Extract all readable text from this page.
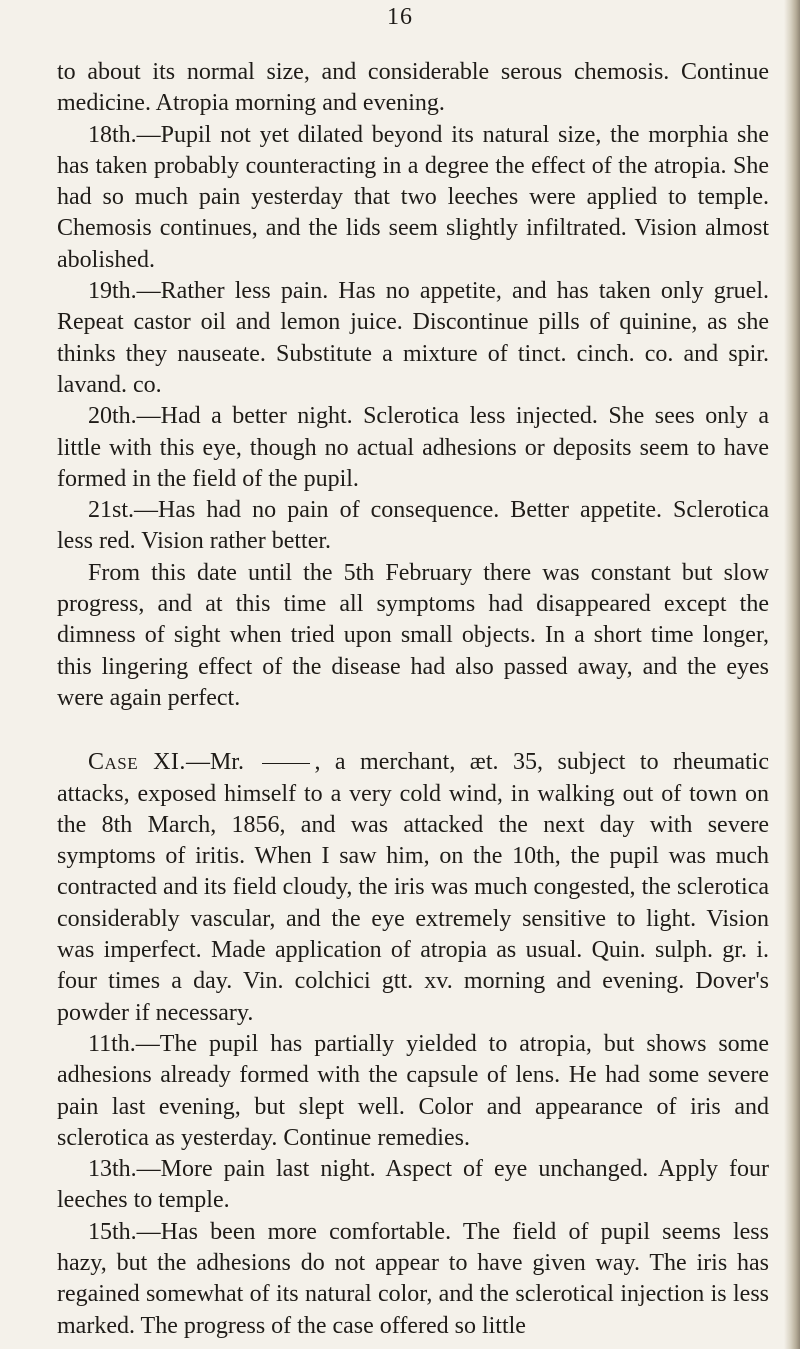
16

to about its normal size, and considerable serous chemosis. Continue medicine. Atropia morning and evening.

18th.—Pupil not yet dilated beyond its natural size, the morphia she has taken probably counteracting in a degree the effect of the atropia. She had so much pain yesterday that two leeches were applied to temple. Chemosis continues, and the lids seem slightly infiltrated. Vision almost abolished.

19th.—Rather less pain. Has no appetite, and has taken only gruel. Repeat castor oil and lemon juice. Discontinue pills of quinine, as she thinks they nauseate. Substitute a mixture of tinct. cinch. co. and spir. lavand. co.

20th.—Had a better night. Sclerotica less injected. She sees only a little with this eye, though no actual adhesions or deposits seem to have formed in the field of the pupil.

21st.—Has had no pain of consequence. Better appetite. Sclerotica less red. Vision rather better.

From this date until the 5th February there was constant but slow progress, and at this time all symptoms had disappeared except the dimness of sight when tried upon small objects. In a short time longer, this lingering effect of the disease had also passed away, and the eyes were again perfect.

Case XI.—Mr.	, a merchant, æt. 35, subject to rheumatic attacks, exposed himself to a very cold wind, in walking out of town on the 8th March, 1856, and was attacked the next day with severe symptoms of iritis. When I saw him, on the 10th, the pupil was much contracted and its field cloudy, the iris was much congested, the sclerotica considerably vascular, and the eye extremely sensitive to light. Vision was imperfect. Made application of atropia as usual. Quin. sulph. gr. i. four times a day. Vin. colchici gtt. xv. morning and evening. Dover's powder if necessary.

11th.—The pupil has partially yielded to atropia, but shows some adhesions already formed with the capsule of lens. He had some severe pain last evening, but slept well. Color and appearance of iris and sclerotica as yesterday. Continue remedies.

13th.—More pain last night. Aspect of eye unchanged. Apply four leeches to temple.

15th.—Has been more comfortable. The field of pupil seems less hazy, but the adhesions do not appear to have given way. The iris has regained somewhat of its natural color, and the sclerotical injection is less marked. The progress of the case offered so little
